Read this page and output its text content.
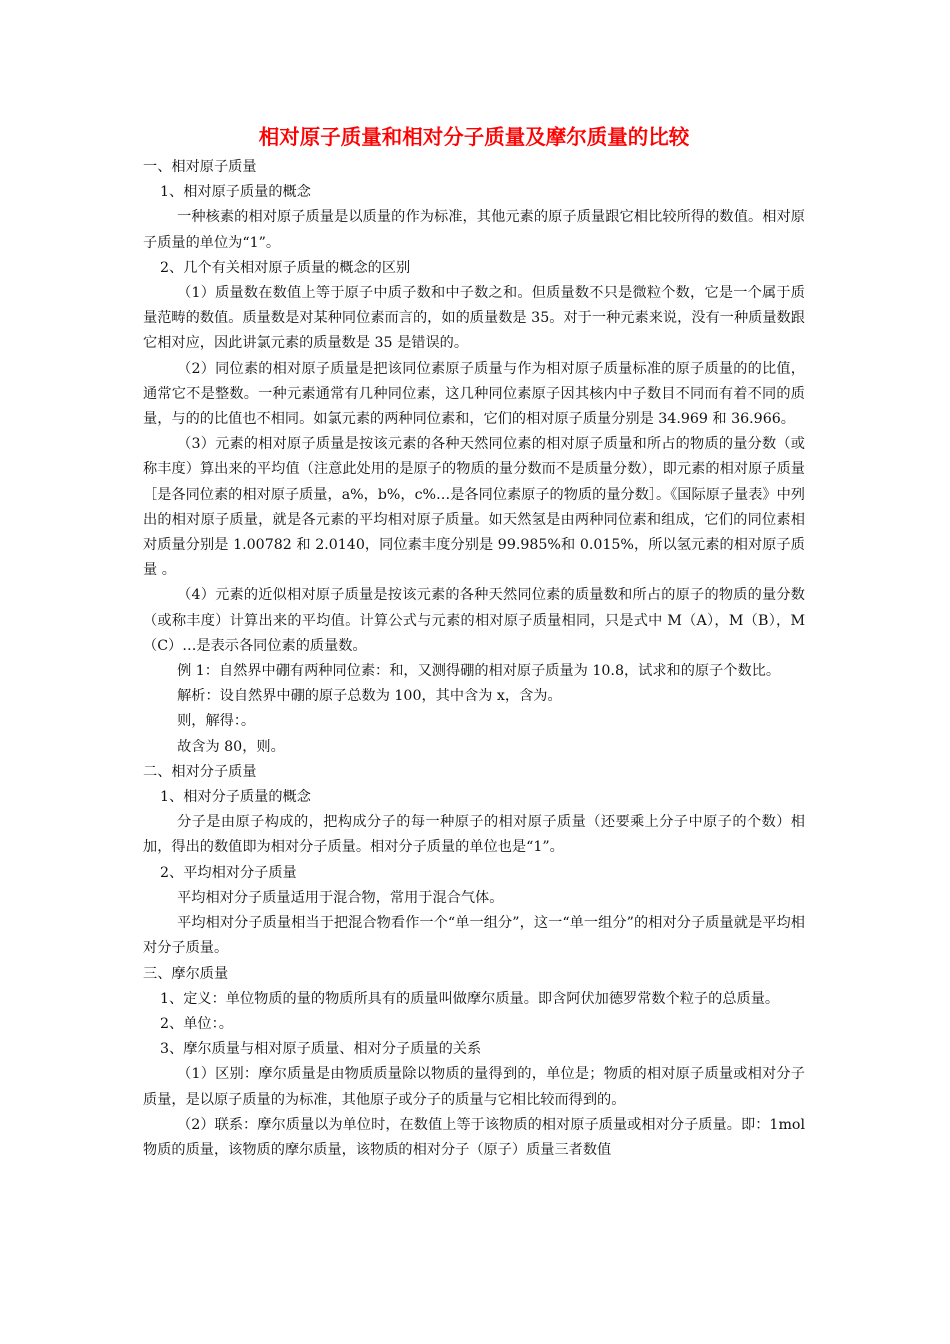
相对原子质量和相对分子质量及摩尔质量的比较

一、相对原子质量

1、相对原子质量的概念

一种核素的相对原子质量是以质量的作为标准，其他元素的原子质量跟它相比较所得的数值。相对原子质量的单位为“1”。

2、几个有关相对原子质量的概念的区别

（1）质量数在数值上等于原子中质子数和中子数之和。但质量数不只是微粒个数，它是一个属于质量范畴的数值。质量数是对某种同位素而言的，如的质量数是 35。对于一种元素来说，没有一种质量数跟它相对应，因此讲氯元素的质量数是 35 是错误的。

（2）同位素的相对原子质量是把该同位素原子质量与作为相对原子质量标准的原子质量的的比值，通常它不是整数。一种元素通常有几种同位素，这几种同位素原子因其核内中子数目不同而有着不同的质量，与的的比值也不相同。如氯元素的两种同位素和，它们的相对原子质量分别是 34.969 和 36.966。

（3）元素的相对原子质量是按该元素的各种天然同位素的相对原子质量和所占的物质的量分数（或称丰度）算出来的平均值（注意此处用的是原子的物质的量分数而不是质量分数），即元素的相对原子质量［是各同位素的相对原子质量，a%，b%，c%…是各同位素原子的物质的量分数］。《国际原子量表》中列出的相对原子质量，就是各元素的平均相对原子质量。如天然氢是由两种同位素和组成，它们的同位素相对质量分别是 1.00782 和 2.0140，同位素丰度分别是 99.985%和 0.015%，所以氢元素的相对原子质量 。

（4）元素的近似相对原子质量是按该元素的各种天然同位素的质量数和所占的原子的物质的量分数（或称丰度）计算出来的平均值。计算公式与元素的相对原子质量相同，只是式中 M（A），M（B），M（C）…是表示各同位素的质量数。

例 1：自然界中硼有两种同位素：和，又测得硼的相对原子质量为 10.8，试求和的原子个数比。

解析：设自然界中硼的原子总数为 100，其中含为 x，含为。

则，解得：。

故含为 80，则。

二、相对分子质量

1、相对分子质量的概念

分子是由原子构成的，把构成分子的每一种原子的相对原子质量（还要乘上分子中原子的个数）相加，得出的数值即为相对分子质量。相对分子质量的单位也是“1”。

2、平均相对分子质量

平均相对分子质量适用于混合物，常用于混合气体。

平均相对分子质量相当于把混合物看作一个“单一组分”，这一“单一组分”的相对分子质量就是平均相对分子质量。

三、摩尔质量

1、定义：单位物质的量的物质所具有的质量叫做摩尔质量。即含阿伏加德罗常数个粒子的总质量。

2、单位：。

3、摩尔质量与相对原子质量、相对分子质量的关系

（1）区别：摩尔质量是由物质质量除以物质的量得到的，单位是；物质的相对原子质量或相对分子质量，是以原子质量的为标准，其他原子或分子的质量与它相比较而得到的。

（2）联系：摩尔质量以为单位时，在数值上等于该物质的相对原子质量或相对分子质量。即：1mol 物质的质量，该物质的摩尔质量，该物质的相对分子（原子）质量三者数值
